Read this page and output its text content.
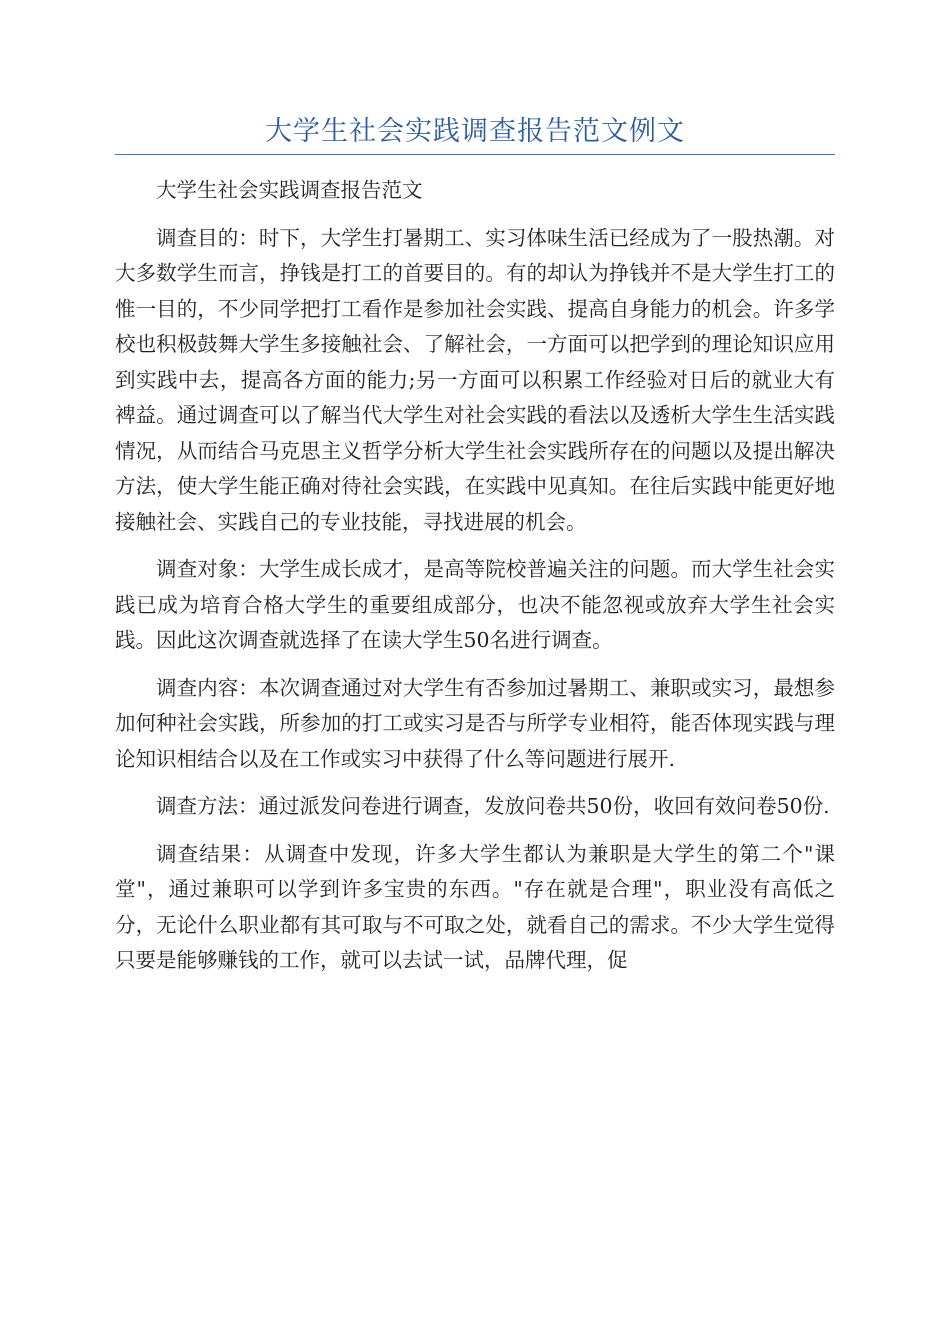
大学生社会实践调查报告范文例文

大学生社会实践调查报告范文

调查目的：时下，大学生打暑期工、实习体味生活已经成为了一股热潮。对大多数学生而言，挣钱是打工的首要目的。有的却认为挣钱并不是大学生打工的惟一目的，不少同学把打工看作是参加社会实践、提高自身能力的机会。许多学校也积极鼓舞大学生多接触社会、了解社会，一方面可以把学到的理论知识应用到实践中去，提高各方面的能力;另一方面可以积累工作经验对日后的就业大有裨益。通过调查可以了解当代大学生对社会实践的看法以及透析大学生生活实践情况，从而结合马克思主义哲学分析大学生社会实践所存在的问题以及提出解决方法，使大学生能正确对待社会实践，在实践中见真知。在往后实践中能更好地接触社会、实践自己的专业技能，寻找进展的机会。

调查对象：大学生成长成才，是高等院校普遍关注的问题。而大学生社会实践已成为培育合格大学生的重要组成部分，也决不能忽视或放弃大学生社会实践。因此这次调查就选择了在读大学生50名进行调查。

调查内容：本次调查通过对大学生有否参加过暑期工、兼职或实习，最想参加何种社会实践，所参加的打工或实习是否与所学专业相符，能否体现实践与理论知识相结合以及在工作或实习中获得了什么等问题进行展开.

调查方法：通过派发问卷进行调查，发放问卷共50份，收回有效问卷50份.

调查结果：从调查中发现，许多大学生都认为兼职是大学生的第二个"课堂"，通过兼职可以学到许多宝贵的东西。"存在就是合理"，职业没有高低之分，无论什么职业都有其可取与不可取之处，就看自己的需求。不少大学生觉得只要是能够赚钱的工作，就可以去试一试，品牌代理，促
